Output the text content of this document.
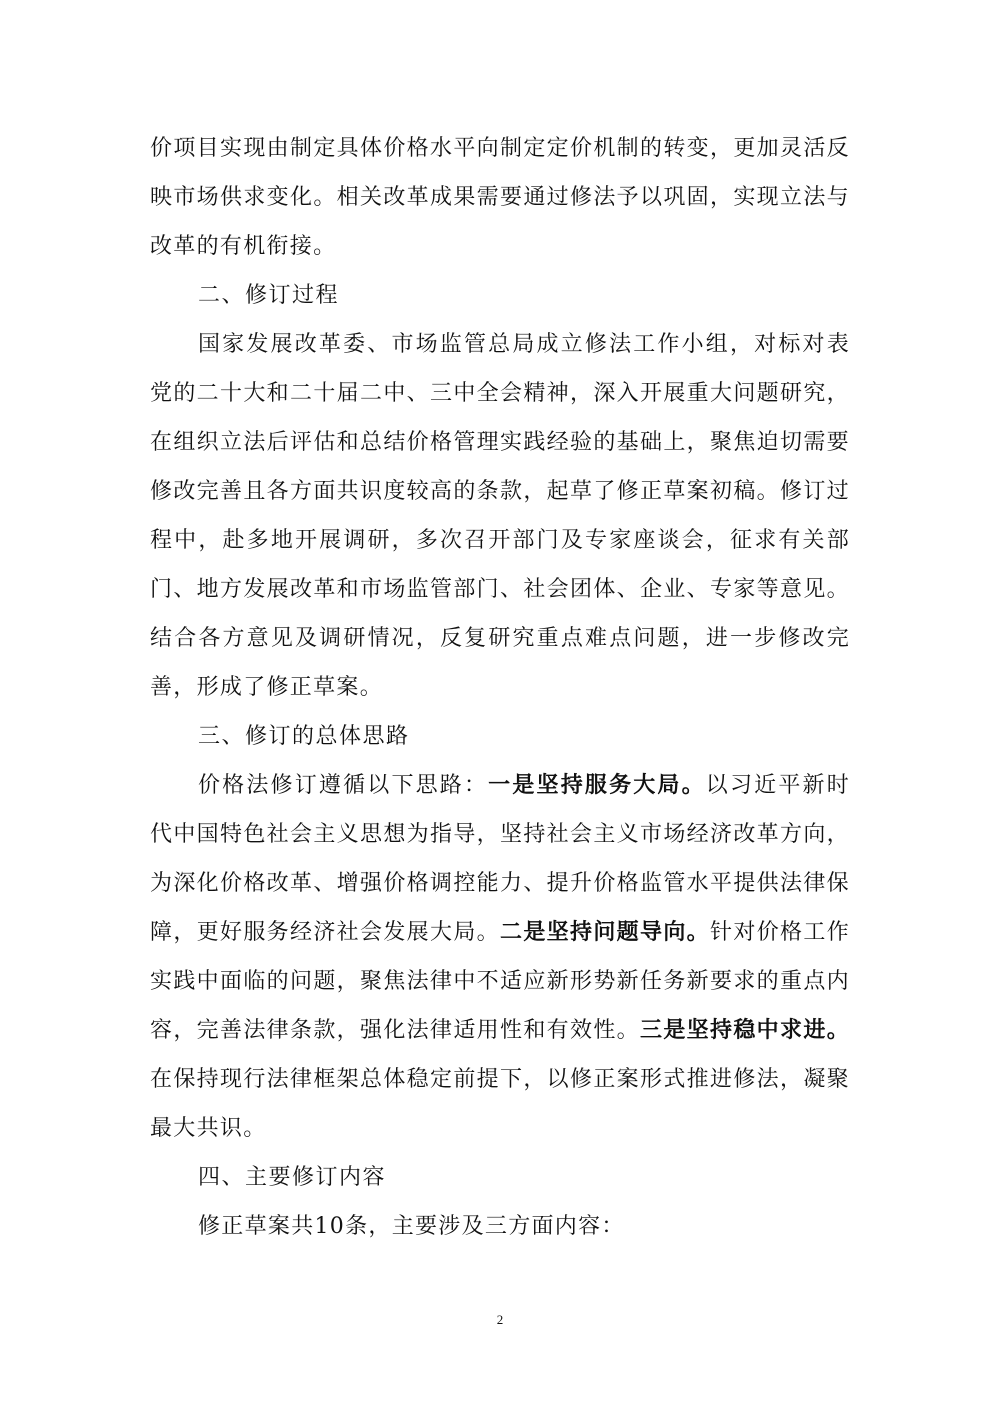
价项目实现由制定具体价格水平向制定定价机制的转变，更加灵活反映市场供求变化。相关改革成果需要通过修法予以巩固，实现立法与改革的有机衔接。

二、修订过程

国家发展改革委、市场监管总局成立修法工作小组，对标对表党的二十大和二十届二中、三中全会精神，深入开展重大问题研究，在组织立法后评估和总结价格管理实践经验的基础上，聚焦迫切需要修改完善且各方面共识度较高的条款，起草了修正草案初稿。修订过程中，赴多地开展调研，多次召开部门及专家座谈会，征求有关部门、地方发展改革和市场监管部门、社会团体、企业、专家等意见。结合各方意见及调研情况，反复研究重点难点问题，进一步修改完善，形成了修正草案。

三、修订的总体思路

价格法修订遵循以下思路：一是坚持服务大局。以习近平新时代中国特色社会主义思想为指导，坚持社会主义市场经济改革方向，为深化价格改革、增强价格调控能力、提升价格监管水平提供法律保障，更好服务经济社会发展大局。二是坚持问题导向。针对价格工作实践中面临的问题，聚焦法律中不适应新形势新任务新要求的重点内容，完善法律条款，强化法律适用性和有效性。三是坚持稳中求进。在保持现行法律框架总体稳定前提下，以修正案形式推进修法，凝聚最大共识。

四、主要修订内容

修正草案共10条，主要涉及三方面内容：

2
